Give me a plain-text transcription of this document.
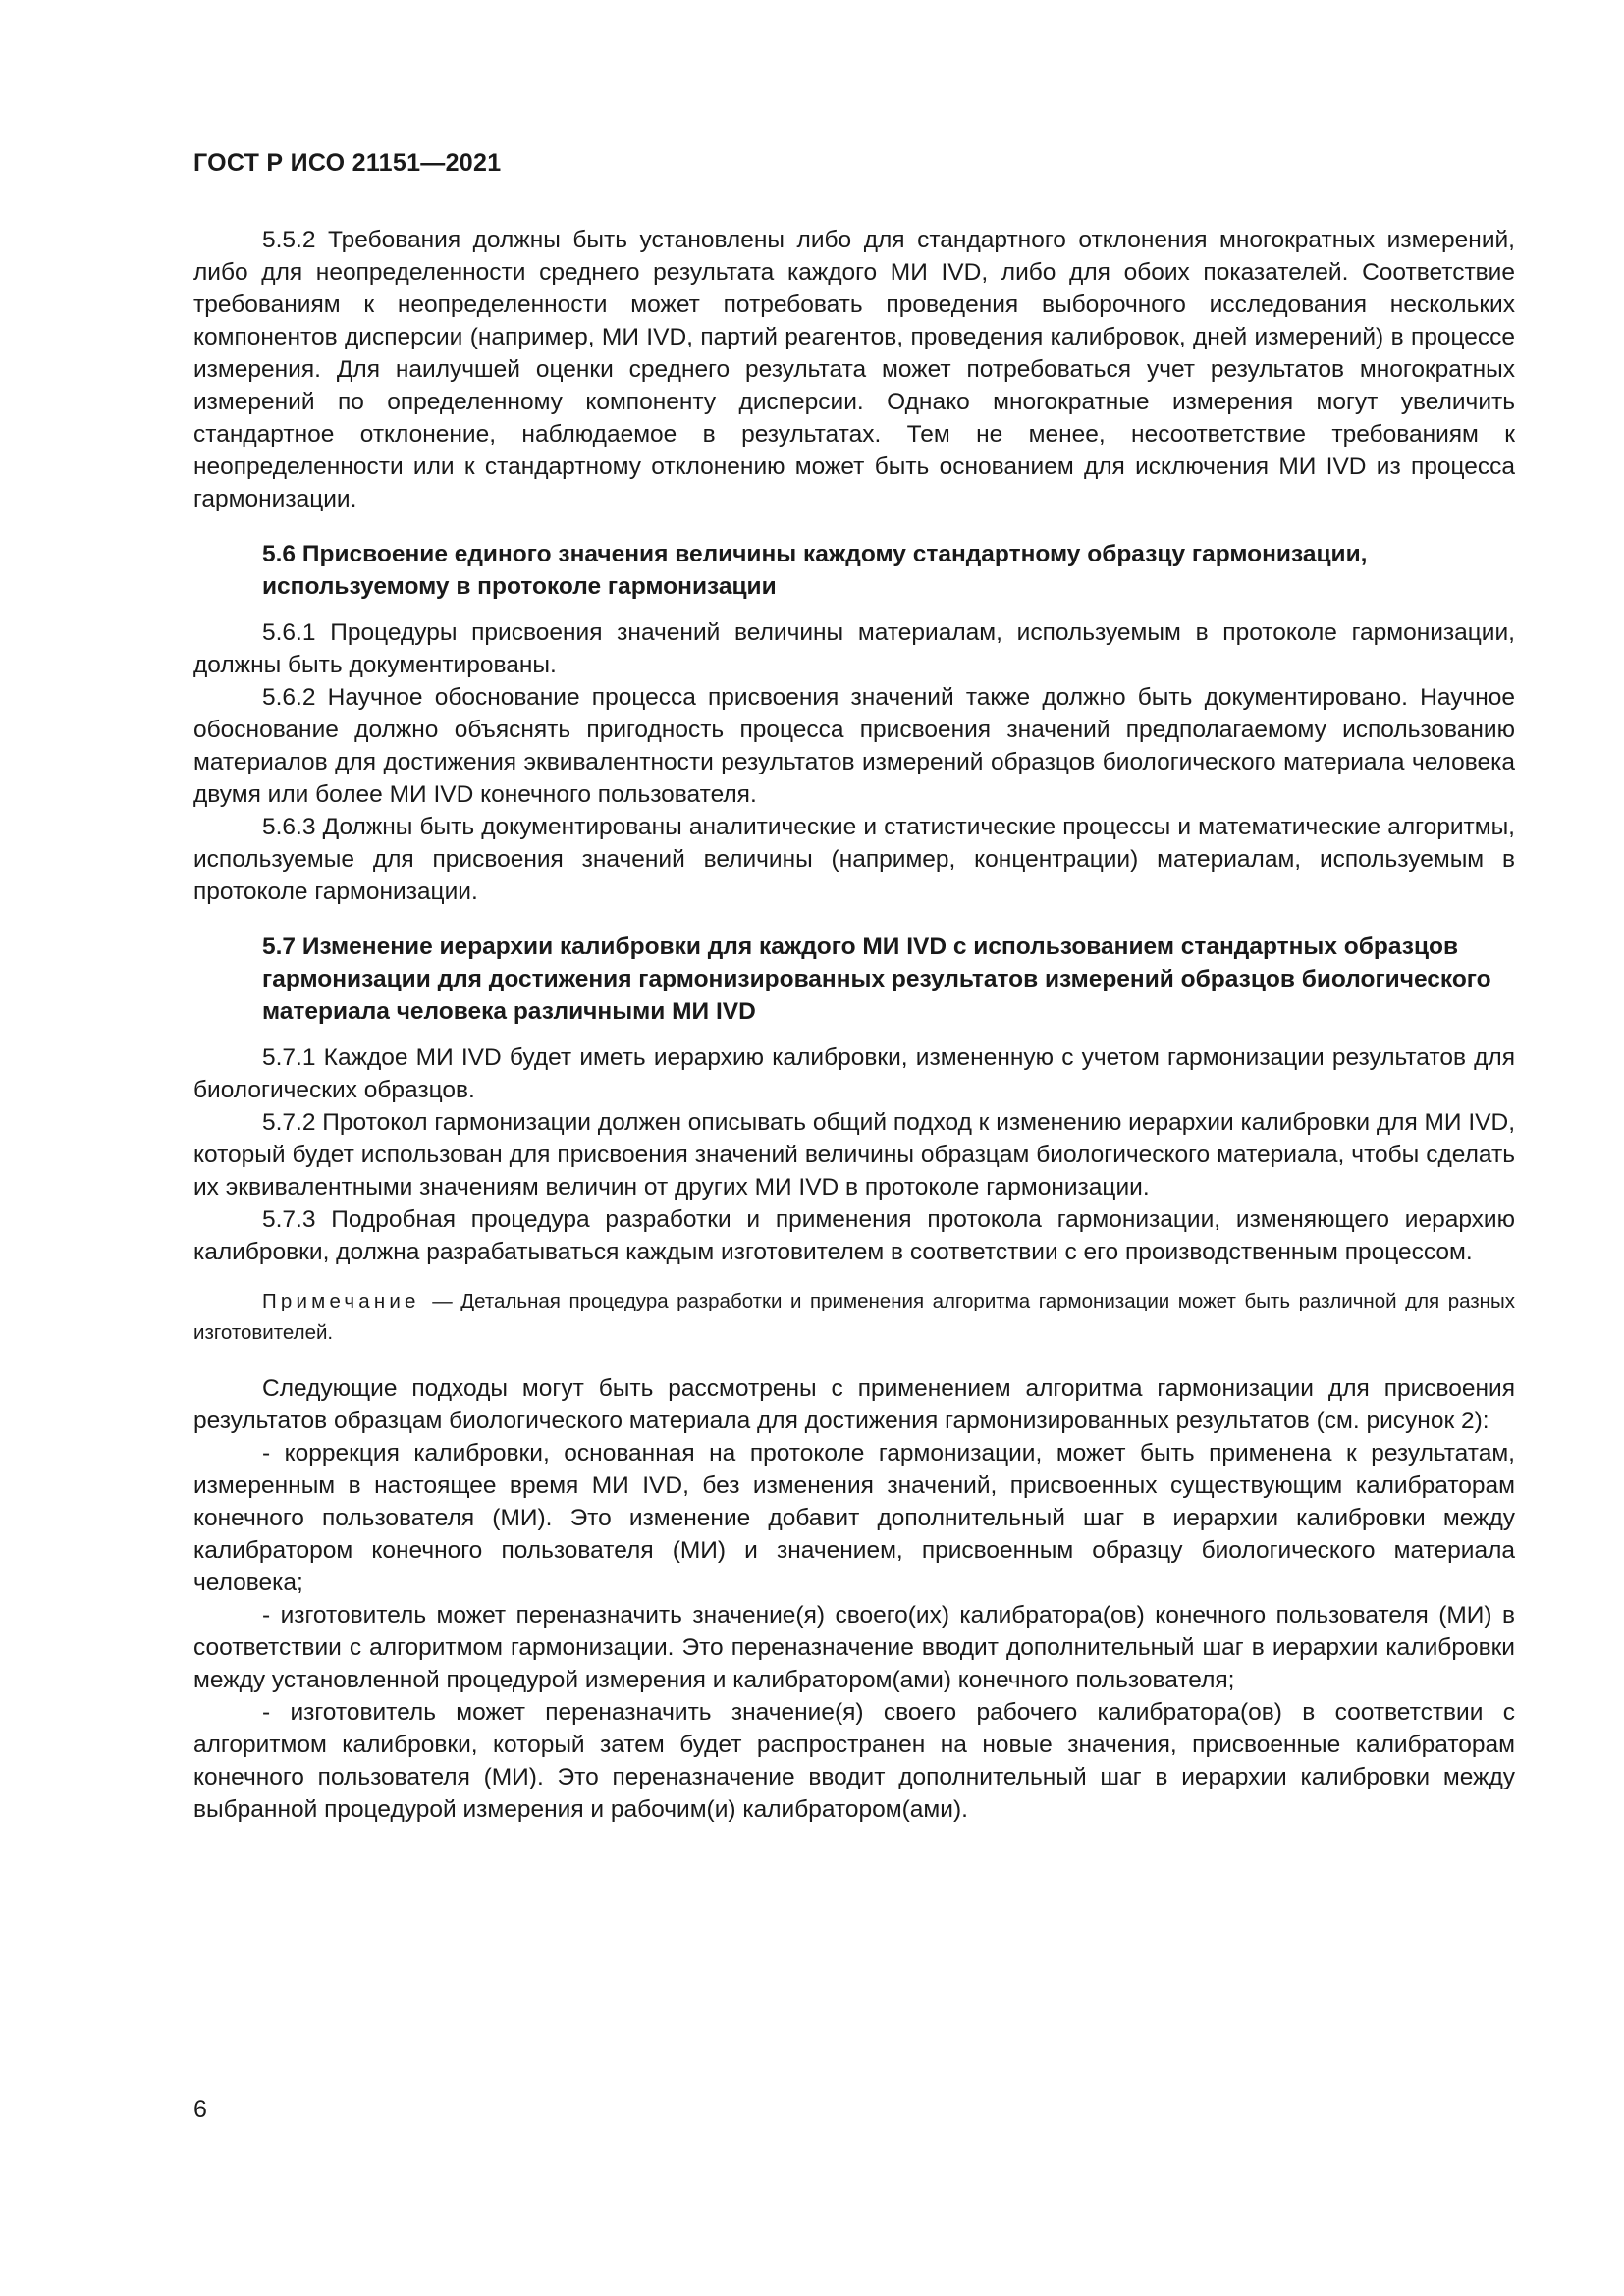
ГОСТ Р ИСО 21151—2021

5.5.2 Требования должны быть установлены либо для стандартного отклонения многократных измерений, либо для неопределенности среднего результата каждого МИ IVD, либо для обоих показателей. Соответствие требованиям к неопределенности может потребовать проведения выборочного исследования нескольких компонентов дисперсии (например, МИ IVD, партий реагентов, проведения калибровок, дней измерений) в процессе измерения. Для наилучшей оценки среднего результата может потребоваться учет результатов многократных измерений по определенному компоненту дисперсии. Однако многократные измерения могут увеличить стандартное отклонение, наблюдаемое в результатах. Тем не менее, несоответствие требованиям к неопределенности или к стандартному отклонению может быть основанием для исключения МИ IVD из процесса гармонизации.

5.6 Присвоение единого значения величины каждому стандартному образцу гармонизации, используемому в протоколе гармонизации

5.6.1 Процедуры присвоения значений величины материалам, используемым в протоколе гармонизации, должны быть документированы.

5.6.2 Научное обоснование процесса присвоения значений также должно быть документировано. Научное обоснование должно объяснять пригодность процесса присвоения значений предполагаемому использованию материалов для достижения эквивалентности результатов измерений образцов биологического материала человека двумя или более МИ IVD конечного пользователя.

5.6.3 Должны быть документированы аналитические и статистические процессы и математические алгоритмы, используемые для присвоения значений величины (например, концентрации) материалам, используемым в протоколе гармонизации.

5.7 Изменение иерархии калибровки для каждого МИ IVD с использованием стандартных образцов гармонизации для достижения гармонизированных результатов измерений образцов биологического материала человека различными МИ IVD

5.7.1 Каждое МИ IVD будет иметь иерархию калибровки, измененную с учетом гармонизации результатов для биологических образцов.

5.7.2 Протокол гармонизации должен описывать общий подход к изменению иерархии калибровки для МИ IVD, который будет использован для присвоения значений величины образцам биологического материала, чтобы сделать их эквивалентными значениям величин от других МИ IVD в протоколе гармонизации.

5.7.3 Подробная процедура разработки и применения протокола гармонизации, изменяющего иерархию калибровки, должна разрабатываться каждым изготовителем в соответствии с его производственным процессом.

Примечание — Детальная процедура разработки и применения алгоритма гармонизации может быть различной для разных изготовителей.

Следующие подходы могут быть рассмотрены с применением алгоритма гармонизации для присвоения результатов образцам биологического материала для достижения гармонизированных результатов (см. рисунок 2):

- коррекция калибровки, основанная на протоколе гармонизации, может быть применена к результатам, измеренным в настоящее время МИ IVD, без изменения значений, присвоенных существующим калибраторам конечного пользователя (МИ). Это изменение добавит дополнительный шаг в иерархии калибровки между калибратором конечного пользователя (МИ) и значением, присвоенным образцу биологического материала человека;

- изготовитель может переназначить значение(я) своего(их) калибратора(ов) конечного пользователя (МИ) в соответствии с алгоритмом гармонизации. Это переназначение вводит дополнительный шаг в иерархии калибровки между установленной процедурой измерения и калибратором(ами) конечного пользователя;

- изготовитель может переназначить значение(я) своего рабочего калибратора(ов) в соответствии с алгоритмом калибровки, который затем будет распространен на новые значения, присвоенные калибраторам конечного пользователя (МИ). Это переназначение вводит дополнительный шаг в иерархии калибровки между выбранной процедурой измерения и рабочим(и) калибратором(ами).

6
